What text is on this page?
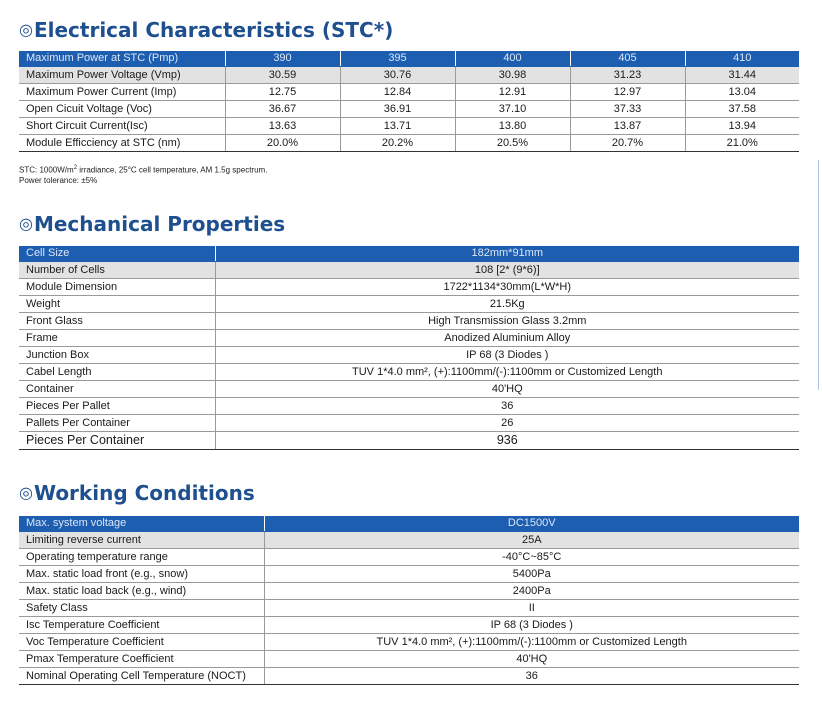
◎Electrical Characteristics (STC*)
Maximum Power at STC (Pmp)	390	395	400	405	410
Maximum Power Voltage (Vmp)	30.59	30.76	30.98	31.23	31.44
Maximum Power Current (Imp)	12.75	12.84	12.91	12.97	13.04
Open Cicuit Voltage (Voc)	36.67	36.91	37.10	37.33	37.58
Short Circuit Current(Isc)	13.63	13.71	13.80	13.87	13.94
Module Efficciency at STC (nm)	20.0%	20.2%	20.5%	20.7%	21.0%
STC: $1000W/m^2$ irradiance, 25°C cell temperature, AM 1.5g spectrum.
Power tolerance: ±5%
◎Mechanical Properties
Cell Size	182mm*91mm
Number of Cells	108 [2* (9*6)]
Module Dimension	1722*1134*30mm(L*W*H)
Weight	21.5Kg
Front Glass	High Transmission Glass 3.2mm
Frame	Anodized Aluminium Alloy
Junction Box	IP 68 (3 Diodes )
Cabel Length	TUV 1*4.0 mm², (+):1100mm/(-):1100mm or Customized Length
Container	40'HQ
Pieces Per Pallet	36
Pallets Per Container	26
Pieces Per Container	936
◎Working Conditions
Max. system voltage	DC1500V
Limiting reverse current	25A
Operating temperature range	-40°C~85°C
Max. static load front (e.g., snow)	5400Pa
Max. static load back (e.g., wind)	2400Pa
Safety Class	II
Isc Temperature Coefficient	IP 68 (3 Diodes )
Voc Temperature Coefficient	TUV 1*4.0 mm², (+):1100mm/(-):1100mm or Customized Length
Pmax Temperature Coefficient	40'HQ
Nominal Operating Cell Temperature (NOCT)	36
